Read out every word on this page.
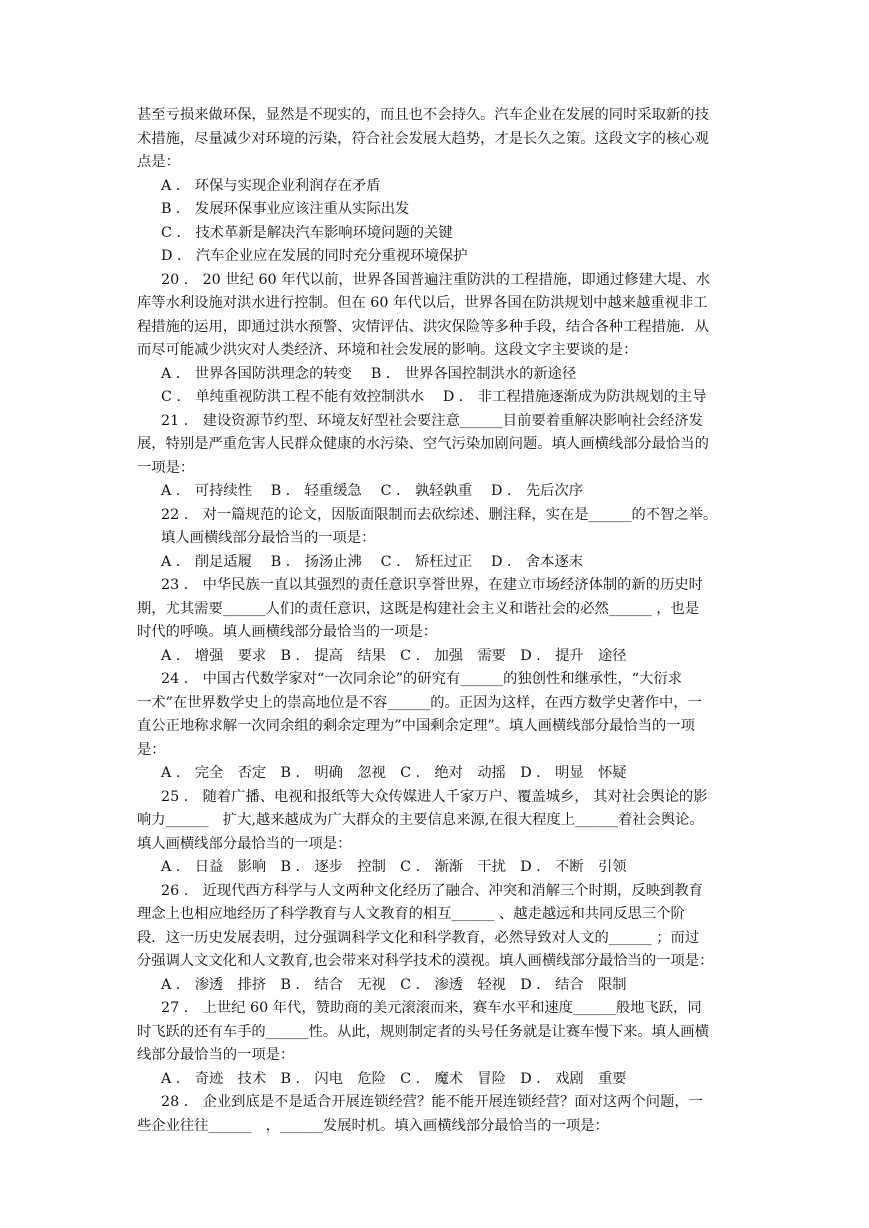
甚至亏损来做环保，显然是不现实的，而且也不会持久。汽车企业在发展的同时采取新的技
术措施，尽量减少对环境的污染，符合社会发展大趋势，才是长久之策。这段文字的核心观
点是：
A ． 环保与实现企业利润存在矛盾
B ． 发展环保事业应该注重从实际出发
C ． 技术革新是解决汽车影响环境问题的关键
D ． 汽车企业应在发展的同时充分重视环境保护
20 ． 20 世纪 60 年代以前，世界各国普遍注重防洪的工程措施，即通过修建大堤、水
库等水利设施对洪水进行控制。但在 60 年代以后，世界各国在防洪规划中越来越重视非工
程措施的运用，即通过洪水预警、灾情评估、洪灾保险等多种手段，结合各种工程措施．从
而尽可能减少洪灾对人类经济、环境和社会发展的影响。这段文字主要谈的是：
A ． 世界各国防洪理念的转变　 B ． 世界各国控制洪水的新途径
C ． 单纯重视防洪工程不能有效控制洪水　 D ． 非工程措施逐渐成为防洪规划的主导
21 ． 建设资源节约型、环境友好型社会要注意______目前要着重解决影响社会经济发
展，特别是严重危害人民群众健康的水污染、空气污染加剧问题。填人画横线部分最恰当的
一项是：
A ． 可持续性　 B ． 轻重缓急　 C ． 孰轻孰重　 D ． 先后次序
22 ． 对一篇规范的论文，因版面限制而去砍综述、删注释，实在是______的不智之举。
填人画横线部分最恰当的一项是：
A ． 削足适履　 B ． 扬汤止沸　 C ． 矫枉过正　 D ． 舍本逐末
23 ． 中华民族一直以其强烈的责任意识享誉世界，在建立市场经济体制的新的历史时
期，尤其需要______人们的责任意识，这既是构建社会主义和谐社会的必然______ ，也是
时代的呼唤。填人画横线部分最恰当的一项是：
A ． 增强　要求　B ． 提高　结果　C ． 加强　需要　D ． 提升　途径
24 ． 中国古代数学家对“一次同余论”的研究有______的独创性和继承性，“大衍求
一术”在世界数学史上的崇高地位是不容______的。正因为这样，在西方数学史著作中，一
直公正地称求解一次同余组的剩余定理为”中国剩余定理”。填人画横线部分最恰当的一项
是：
A ． 完全　否定　B ． 明确　忽视　C ． 绝对　动摇　D ． 明显　怀疑
25 ． 随着广播、电视和报纸等大众传媒进人千家万户、覆盖城乡， 其对社会舆论的影
响力______　扩大,越来越成为广大群众的主要信息来源,在很大程度上______着社会舆论。
填人画横线部分最恰当的一项是：
A ． 日益　影响　B ． 逐步　控制　C ． 渐渐　干扰　D ． 不断　引领
26 ． 近现代西方科学与人文两种文化经历了融合、冲突和消解三个时期，反映到教育
理念上也相应地经历了科学教育与人文教育的相互______ 、越走越远和共同反思三个阶
段．这一历史发展表明，过分强调科学文化和科学教育，必然导致对人文的______ ；而过
分强调人文文化和人文教育,也会带来对科学技术的漠视。填人画横线部分最恰当的一项是：
A ． 渗透　排挤　B ． 结合　无视　C ． 渗透　轻视　D ． 结合　限制
27 ． 上世纪 60 年代，赞助商的美元滚滚而来，赛车水平和速度______般地飞跃，同
时飞跃的还有车手的______性。从此，规则制定者的头号任务就是让赛车慢下来。填人画横
线部分最恰当的一项是：
A ． 奇迹　技术　B ． 闪电　危险　C ． 魔术　冒险　D ． 戏剧　重要
28 ． 企业到底是不是适合开展连锁经营？能不能开展连锁经营？面对这两个问题，一
些企业往往______　，______发展时机。填入画横线部分最恰当的一项是：
